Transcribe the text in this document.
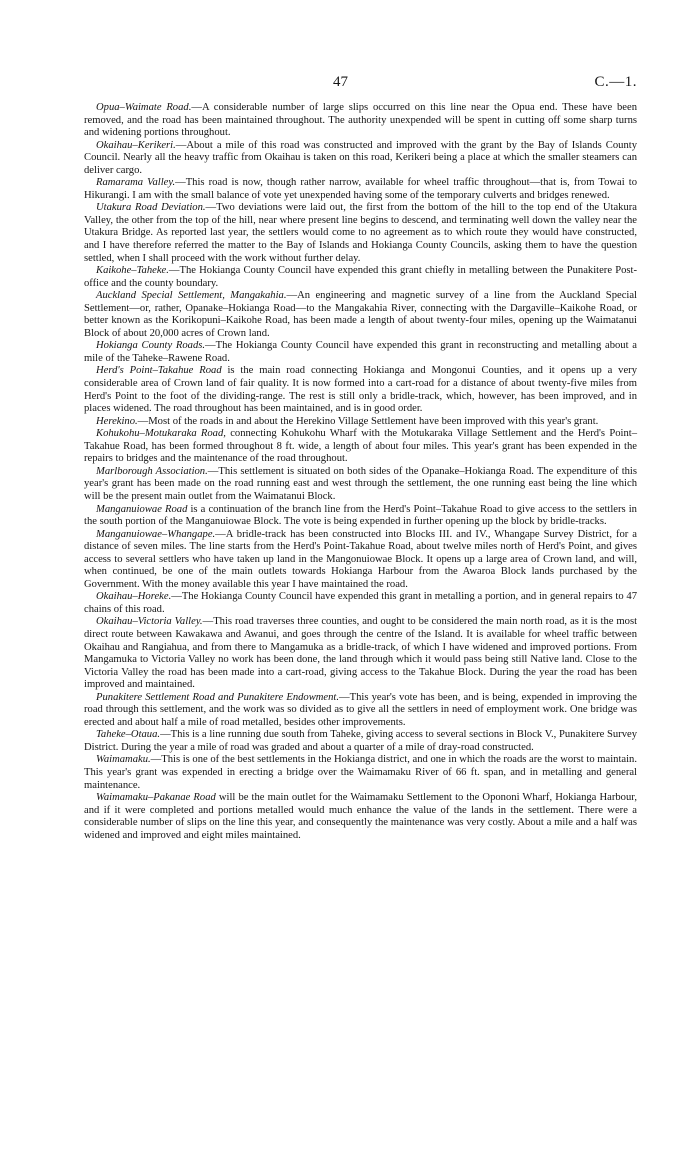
47	C.—1.

Opua–Waimate Road.—A considerable number of large slips occurred on this line near the Opua end. These have been removed, and the road has been maintained throughout. The authority unexpended will be spent in cutting off some sharp turns and widening portions throughout.

Okaihau–Kerikeri.—About a mile of this road was constructed and improved with the grant by the Bay of Islands County Council. Nearly all the heavy traffic from Okaihau is taken on this road, Kerikeri being a place at which the smaller steamers can deliver cargo.

Ramarama Valley.—This road is now, though rather narrow, available for wheel traffic throughout—that is, from Towai to Hikurangi. I am with the small balance of vote yet unexpended having some of the temporary culverts and bridges renewed.

Utakura Road Deviation.—Two deviations were laid out, the first from the bottom of the hill to the top end of the Utakura Valley, the other from the top of the hill, near where present line begins to descend, and terminating well down the valley near the Utakura Bridge. As reported last year, the settlers would come to no agreement as to which route they would have constructed, and I have therefore referred the matter to the Bay of Islands and Hokianga County Councils, asking them to have the question settled, when I shall proceed with the work without further delay.

Kaikohe–Taheke.—The Hokianga County Council have expended this grant chiefly in metalling between the Punakitere Post-office and the county boundary.

Auckland Special Settlement, Mangakahia.—An engineering and magnetic survey of a line from the Auckland Special Settlement—or, rather, Opanake–Hokianga Road—to the Mangakahia River, connecting with the Dargaville–Kaikohe Road, or better known as the Korikopuni–Kaikohe Road, has been made a length of about twenty-four miles, opening up the Waimatanui Block of about 20,000 acres of Crown land.

Hokianga County Roads.—The Hokianga County Council have expended this grant in reconstructing and metalling about a mile of the Taheke–Rawene Road.

Herd's Point–Takahue Road is the main road connecting Hokianga and Mongonui Counties, and it opens up a very considerable area of Crown land of fair quality. It is now formed into a cart-road for a distance of about twenty-five miles from Herd's Point to the foot of the dividing-range. The rest is still only a bridle-track, which, however, has been improved, and in places widened. The road throughout has been maintained, and is in good order.

Herekino.—Most of the roads in and about the Herekino Village Settlement have been improved with this year's grant.

Kohukohu–Motukaraka Road, connecting Kohukohu Wharf with the Motukaraka Village Settlement and the Herd's Point–Takahue Road, has been formed throughout 8 ft. wide, a length of about four miles. This year's grant has been expended in the repairs to bridges and the maintenance of the road throughout.

Marlborough Association.—This settlement is situated on both sides of the Opanake–Hokianga Road. The expenditure of this year's grant has been made on the road running east and west through the settlement, the one running east being the line which will be the present main outlet from the Waimatanui Block.

Manganuiowae Road is a continuation of the branch line from the Herd's Point–Takahue Road to give access to the settlers in the south portion of the Manganuiowae Block. The vote is being expended in further opening up the block by bridle-tracks.

Manganuiowae–Whangape.—A bridle-track has been constructed into Blocks III. and IV., Whangape Survey District, for a distance of seven miles. The line starts from the Herd's Point-Takahue Road, about twelve miles north of Herd's Point, and gives access to several settlers who have taken up land in the Mangonuiowae Block. It opens up a large area of Crown land, and will, when continued, be one of the main outlets towards Hokianga Harbour from the Awaroa Block lands purchased by the Government. With the money available this year I have maintained the road.

Okaihau–Horeke.—The Hokianga County Council have expended this grant in metalling a portion, and in general repairs to 47 chains of this road.

Okaihau–Victoria Valley.—This road traverses three counties, and ought to be considered the main north road, as it is the most direct route between Kawakawa and Awanui, and goes through the centre of the Island. It is available for wheel traffic between Okaihau and Rangiahua, and from there to Mangamuka as a bridle-track, of which I have widened and improved portions. From Mangamuka to Victoria Valley no work has been done, the land through which it would pass being still Native land. Close to the Victoria Valley the road has been made into a cart-road, giving access to the Takahue Block. During the year the road has been improved and maintained.

Punakitere Settlement Road and Punakitere Endowment.—This year's vote has been, and is being, expended in improving the road through this settlement, and the work was so divided as to give all the settlers in need of employment work. One bridge was erected and about half a mile of road metalled, besides other improvements.

Taheke–Otaua.—This is a line running due south from Taheke, giving access to several sections in Block V., Punakitere Survey District. During the year a mile of road was graded and about a quarter of a mile of dray-road constructed.

Waimamaku.—This is one of the best settlements in the Hokianga district, and one in which the roads are the worst to maintain. This year's grant was expended in erecting a bridge over the Waimamaku River of 66 ft. span, and in metalling and general maintenance.

Waimamaku–Pakanae Road will be the main outlet for the Waimamaku Settlement to the Opononi Wharf, Hokianga Harbour, and if it were completed and portions metalled would much enhance the value of the lands in the settlement. There were a considerable number of slips on the line this year, and consequently the maintenance was very costly. About a mile and a half was widened and improved and eight miles maintained.
